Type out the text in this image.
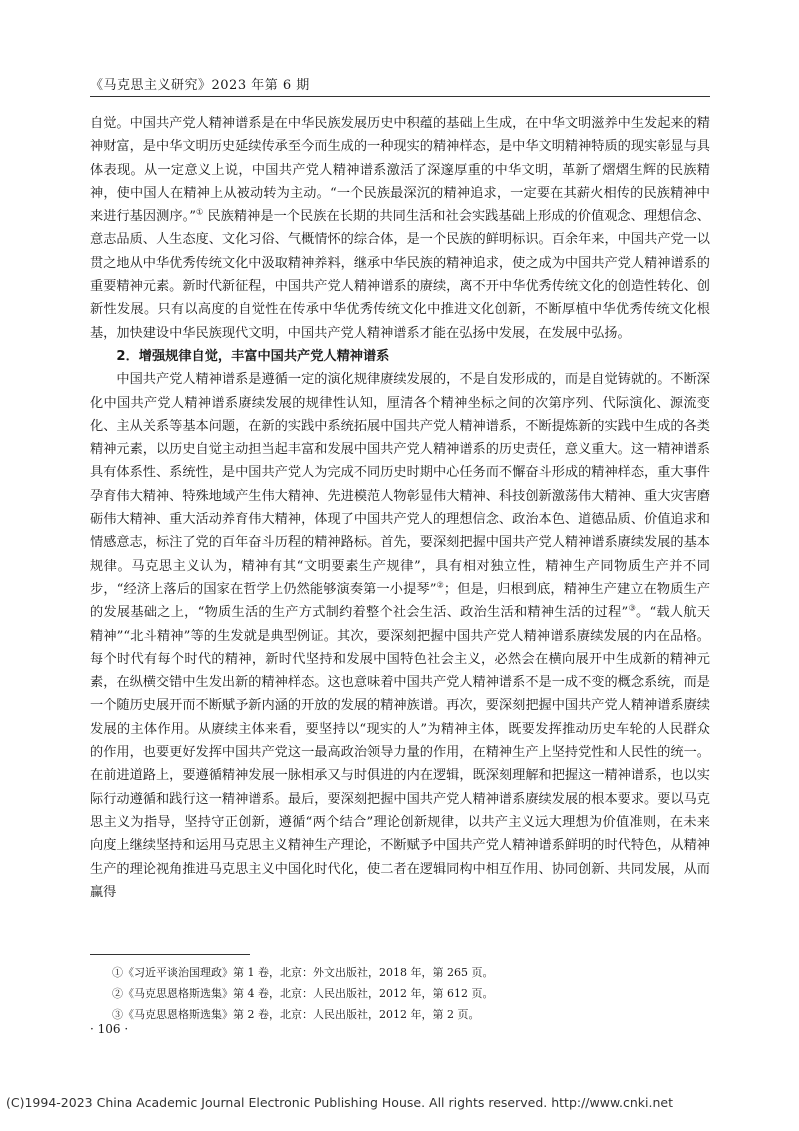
《马克思主义研究》2023 年第 6 期

自觉。中国共产党人精神谱系是在中华民族发展历史中积蕴的基础上生成，在中华文明滋养中生发起来的精神财富，是中华文明历史延续传承至今而生成的一种现实的精神样态，是中华文明精神特质的现实彰显与具体表现。从一定意义上说，中国共产党人精神谱系激活了深邃厚重的中华文明，革新了熠熠生辉的民族精神，使中国人在精神上从被动转为主动。“一个民族最深沉的精神追求，一定要在其薪火相传的民族精神中来进行基因测序。”① 民族精神是一个民族在长期的共同生活和社会实践基础上形成的价值观念、理想信念、意志品质、人生态度、文化习俗、气概情怀的综合体，是一个民族的鲜明标识。百余年来，中国共产党一以贯之地从中华优秀传统文化中汲取精神养料，继承中华民族的精神追求，使之成为中国共产党人精神谱系的重要精神元素。新时代新征程，中国共产党人精神谱系的赓续，离不开中华优秀传统文化的创造性转化、创新性发展。只有以高度的自觉性在传承中华优秀传统文化中推进文化创新，不断厚植中华优秀传统文化根基，加快建设中华民族现代文明，中国共产党人精神谱系才能在弘扬中发展，在发展中弘扬。

2．增强规律自觉，丰富中国共产党人精神谱系

中国共产党人精神谱系是遵循一定的演化规律赓续发展的，不是自发形成的，而是自觉铸就的。不断深化中国共产党人精神谱系赓续发展的规律性认知，厘清各个精神坐标之间的次第序列、代际演化、源流变化、主从关系等基本问题，在新的实践中系统拓展中国共产党人精神谱系，不断提炼新的实践中生成的各类精神元素，以历史自觉主动担当起丰富和发展中国共产党人精神谱系的历史责任，意义重大。这一精神谱系具有体系性、系统性，是中国共产党人为完成不同历史时期中心任务而不懈奋斗形成的精神样态，重大事件孕育伟大精神、特殊地域产生伟大精神、先进模范人物彰显伟大精神、科技创新激荡伟大精神、重大灾害磨砺伟大精神、重大活动养育伟大精神，体现了中国共产党人的理想信念、政治本色、道德品质、价值追求和情感意志，标注了党的百年奋斗历程的精神路标。首先，要深刻把握中国共产党人精神谱系赓续发展的基本规律。马克思主义认为，精神有其“文明要素生产规律”，具有相对独立性，精神生产同物质生产并不同步，“经济上落后的国家在哲学上仍然能够演奏第一小提琴”②；但是，归根到底，精神生产建立在物质生产的发展基础之上，“物质生活的生产方式制约着整个社会生活、政治生活和精神生活的过程”③。“载人航天精神”“北斗精神”等的生发就是典型例证。其次，要深刻把握中国共产党人精神谱系赓续发展的内在品格。每个时代有每个时代的精神，新时代坚持和发展中国特色社会主义，必然会在横向展开中生成新的精神元素，在纵横交错中生发出新的精神样态。这也意味着中国共产党人精神谱系不是一成不变的概念系统，而是一个随历史展开而不断赋予新内涵的开放的发展的精神族谱。再次，要深刻把握中国共产党人精神谱系赓续发展的主体作用。从赓续主体来看，要坚持以“现实的人”为精神主体，既要发挥推动历史车轮的人民群众的作用，也要更好发挥中国共产党这一最高政治领导力量的作用，在精神生产上坚持党性和人民性的统一。在前进道路上，要遵循精神发展一脉相承又与时俱进的内在逻辑，既深刻理解和把握这一精神谱系，也以实际行动遵循和践行这一精神谱系。最后，要深刻把握中国共产党人精神谱系赓续发展的根本要求。要以马克思主义为指导，坚持守正创新，遵循“两个结合”理论创新规律，以共产主义远大理想为价值准则，在未来向度上继续坚持和运用马克思主义精神生产理论，不断赋予中国共产党人精神谱系鲜明的时代特色，从精神生产的理论视角推进马克思主义中国化时代化，使二者在逻辑同构中相互作用、协同创新、共同发展，从而赢得

①《习近平谈治国理政》第 1 卷，北京：外文出版社，2018 年，第 265 页。
②《马克思恩格斯选集》第 4 卷，北京：人民出版社，2012 年，第 612 页。
③《马克思恩格斯选集》第 2 卷，北京：人民出版社，2012 年，第 2 页。
· 106 ·
(C)1994-2023 China Academic Journal Electronic Publishing House. All rights reserved. http://www.cnki.net
